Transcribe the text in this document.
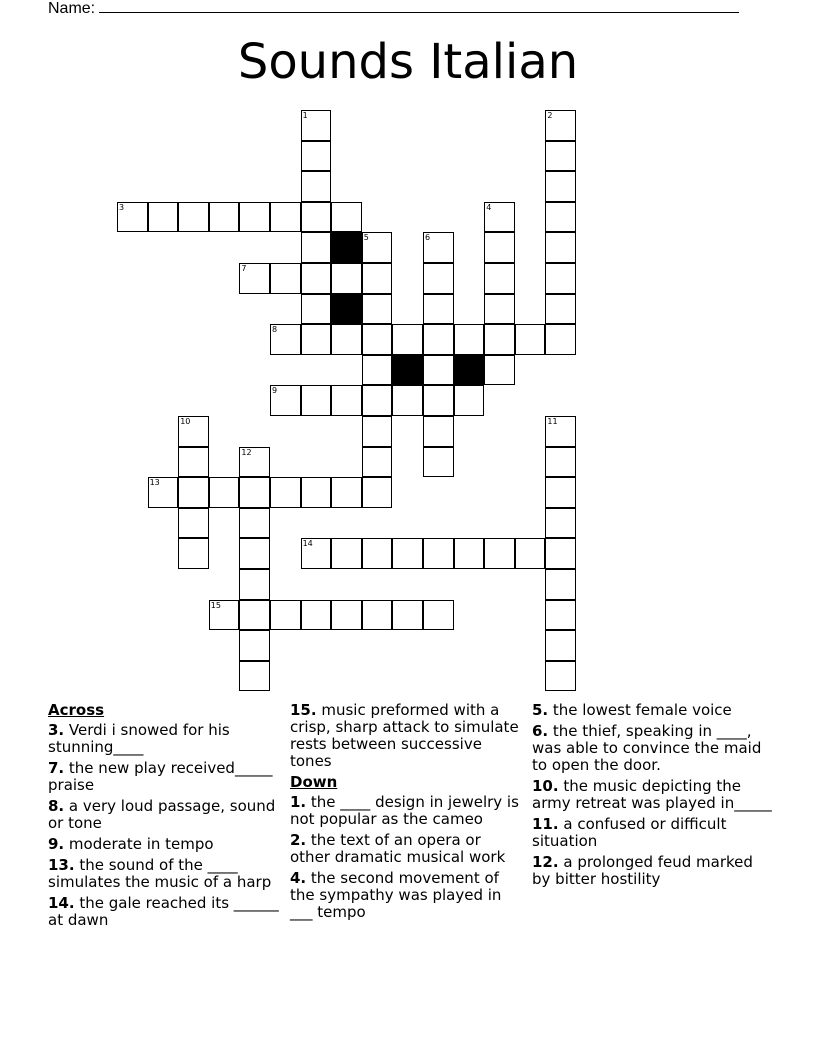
Name:
Sounds Italian
1	2
3	4
5	6
7
8
9
10	11
12
13
14
15
Across
3. Verdi i snowed for his stunning____
7. the new play received_____ praise
8. a very loud passage, sound or tone
9. moderate in tempo
13. the sound of the ____ simulates the music of a harp
14. the gale reached its ______ at dawn
15. music preformed with a crisp, sharp attack to simulate rests between successive tones
Down
1. the ____ design in jewelry is not popular as the cameo
2. the text of an opera or other dramatic musical work
4. the second movement of the sympathy was played in ___ tempo
5. the lowest female voice
6. the thief, speaking in ____, was able to convince the maid to open the door.
10. the music depicting the army retreat was played in_____
11. a confused or difficult situation
12. a prolonged feud marked by bitter hostility
